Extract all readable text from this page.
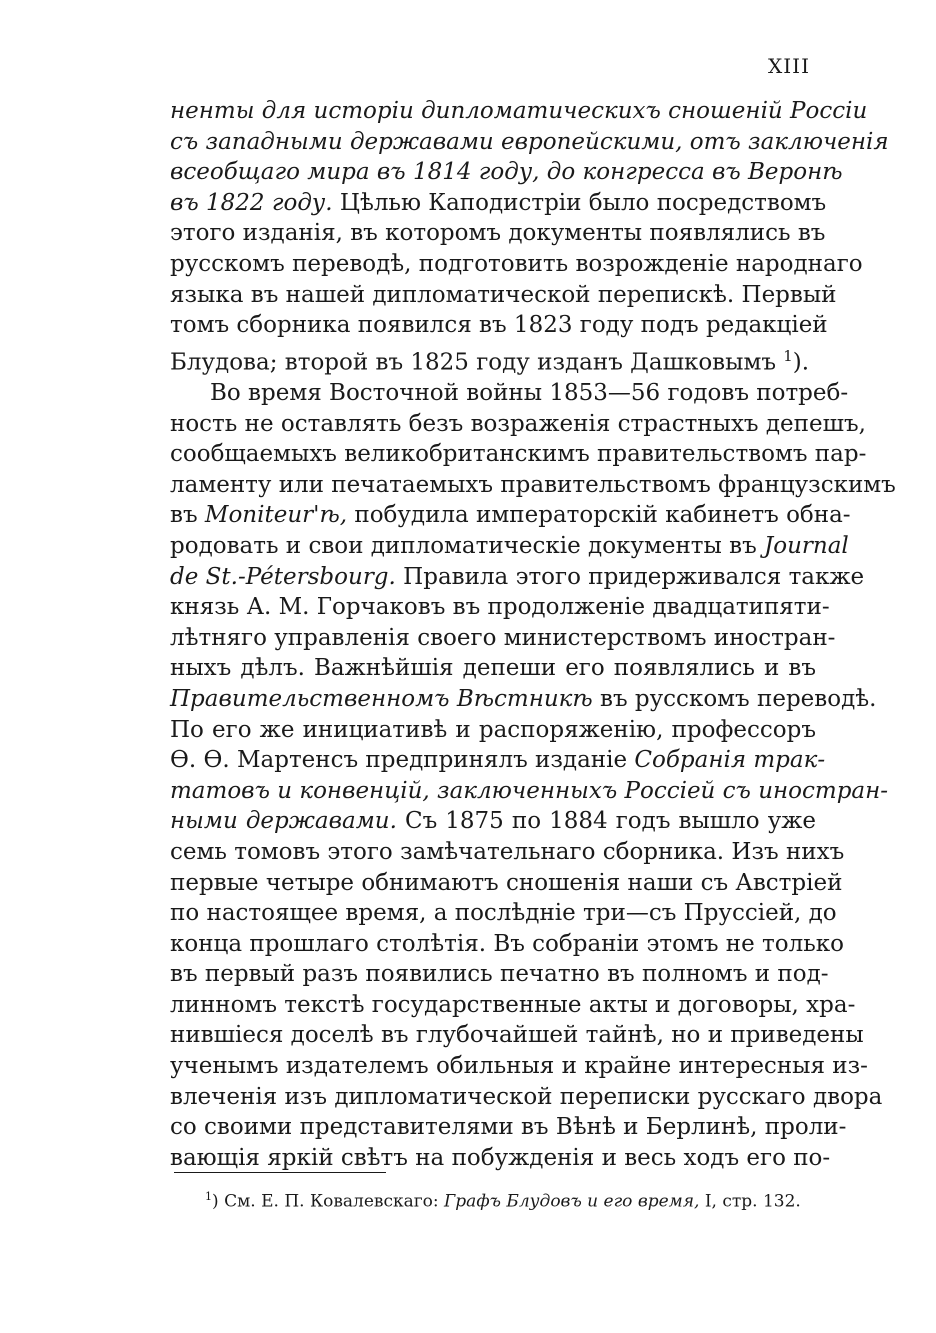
XIII
ненты для исторіи дипломатическихъ сношеній Россіи
съ западными державами европейскими, отъ заключенія
всеобщаго мира въ 1814 году, до конгресса въ Веронѣ
въ 1822 году. Цѣлью Каподистріи было посредствомъ
этого изданія, въ которомъ документы появлялись въ
русскомъ переводѣ, подготовить возрожденіе народнаго
языка въ нашей дипломатической перепискѣ. Первый
томъ сборника появился въ 1823 году подъ редакціей
Блудова; второй въ 1825 году изданъ Дашковымъ $^1$).
Во время Восточной войны 1853—56 годовъ потреб-
ность не оставлять безъ возраженія страстныхъ депешъ,
сообщаемыхъ великобританскимъ правительствомъ пар-
ламенту или печатаемыхъ правительствомъ французскимъ
въ Moniteur'ѣ, побудила императорскій кабинетъ обна-
родовать и свои дипломатическіе документы въ Journal
de St.-Pétersbourg. Правила этого придерживался также
князь А. М. Горчаковъ въ продолженіе двадцатипяти-
лѣтняго управленія своего министерствомъ иностран-
ныхъ дѣлъ. Важнѣйшія депеши его появлялись и въ
Правительственномъ Вѣстникѣ въ русскомъ переводѣ.
По его же инициативѣ и распоряженію, профессоръ
Ѳ. Ѳ. Мартенсъ предпринялъ изданіе Собранія трак-
татовъ и конвенцій, заключенныхъ Россіей съ иностран-
ными державами. Съ 1875 по 1884 годъ вышло уже
семь томовъ этого замѣчательнаго сборника. Изъ нихъ
первые четыре обнимаютъ сношенія наши съ Австріей
по настоящее время, а послѣдніе три—съ Пруссіей, до
конца прошлаго столѣтія. Въ собраніи этомъ не только
въ первый разъ появились печатно въ полномъ и под-
линномъ текстѣ государственные акты и договоры, хра-
нившіеся доселѣ въ глубочайшей тайнѣ, но и приведены
ученымъ издателемъ обильныя и крайне интересныя из-
влеченія изъ дипломатической переписки русскаго двора
со своими представителями въ Вѣнѣ и Берлинѣ, проли-
вающія яркій свѣтъ на побужденія и весь ходъ его по-
$^1$) См. Е. П. Ковалевскаго: Графъ Блудовъ и его время, I, стр. 132.
